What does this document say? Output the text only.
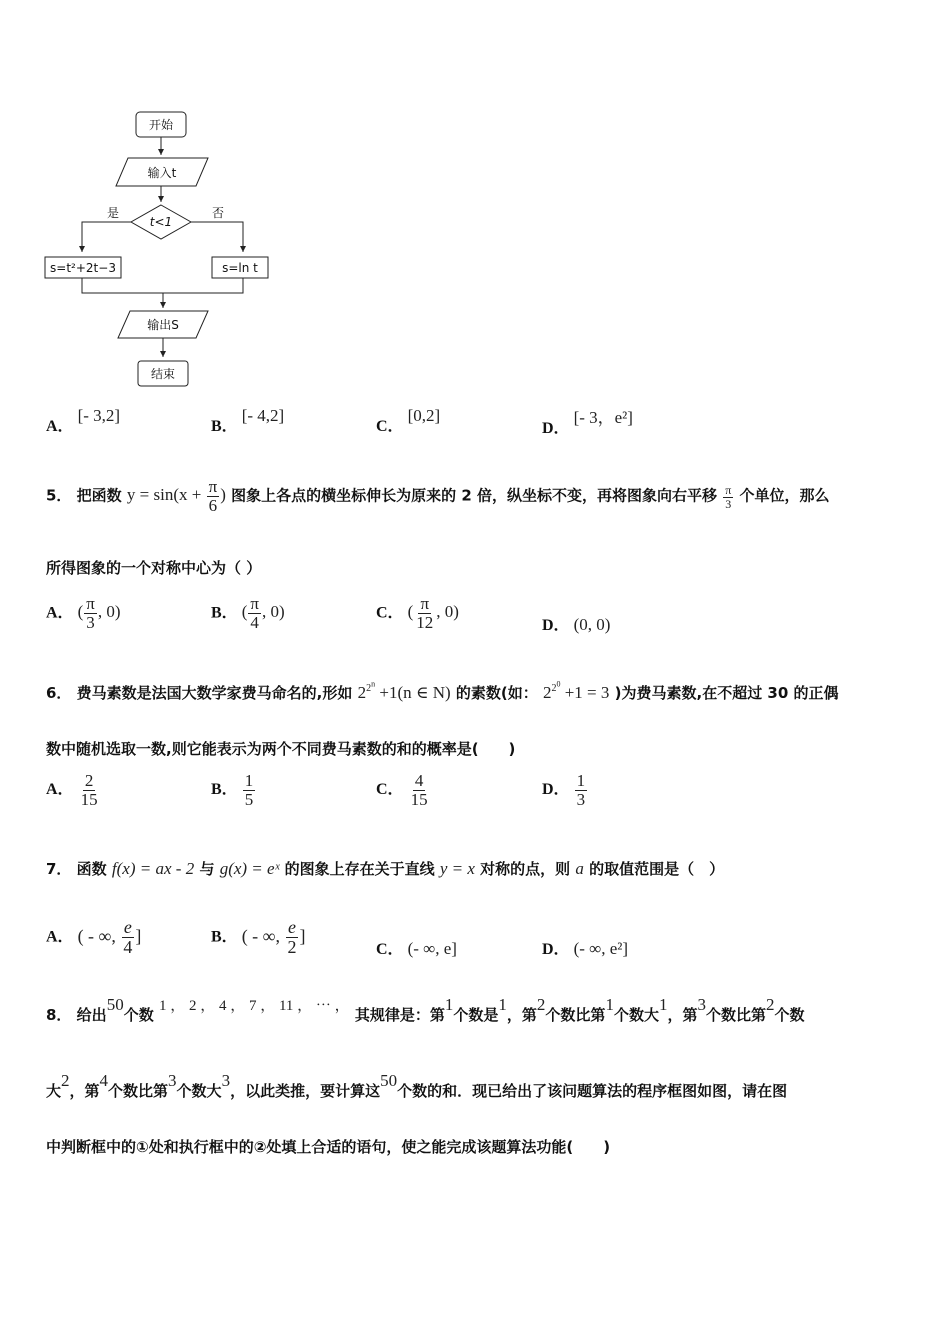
开始
输入t
t<1
是	否
s=t²+2t−3	s=ln t
输出S
结束
A． [- 3,2]
B． [- 4,2]
C． [0,2]
D． [- 3，e²]
5． 把函数 $y = \sin(x + \frac{\pi}{6}$ ) 图象上各点的横坐标伸长为原来的 2 倍，纵坐标不变，再将图象向右平移 $\frac{\pi}{3}$ 个单位，那么
所得图象的一个对称中心为（ ）
A． ( $\frac{\pi}{3}$ , 0)	B． ( $\frac{\pi}{4}$ , 0)	C． ( $\frac{\pi}{12}$ , 0)
D． (0, 0)
6． 费马素数是法国大数学家费马命名的,形如 $2^{2^n} +1(n$ ∈ N) 的素数(如： $2^{2^0} +1 = 3$ )为费马素数,在不超过 30 的正偶
数中随机选取一数,则它能表示为两个不同费马素数的和的概率是(　　)
A． $\frac{2}{15}$	B． $\frac{1}{5}$	C． $\frac{4}{15}$	D． $\frac{1}{3}$
7． 函数 f(x) = ax - 2 与 g(x) = eˣ 的图象上存在关于直线 y = x 对称的点，则 a 的取值范围是（　）
A． ( - ∞, $\frac{e}{4}$ ]	B． ( - ∞, $\frac{e}{2}$ ]
C． (- ∞, e]	D． (- ∞, e²]
8． 给出50个数 1 ， 2 ， 4 ， 7 ， 11 ， ⋯ ， 其规律是：第1个数是1，第2个数比第1个数大1，第3个数比第2个数
大2，第4个数比第3个数大3，以此类推，要计算这50个数的和．现已给出了该问题算法的程序框图如图，请在图
中判断框中的①处和执行框中的②处填上合适的语句，使之能完成该题算法功能(　　)
